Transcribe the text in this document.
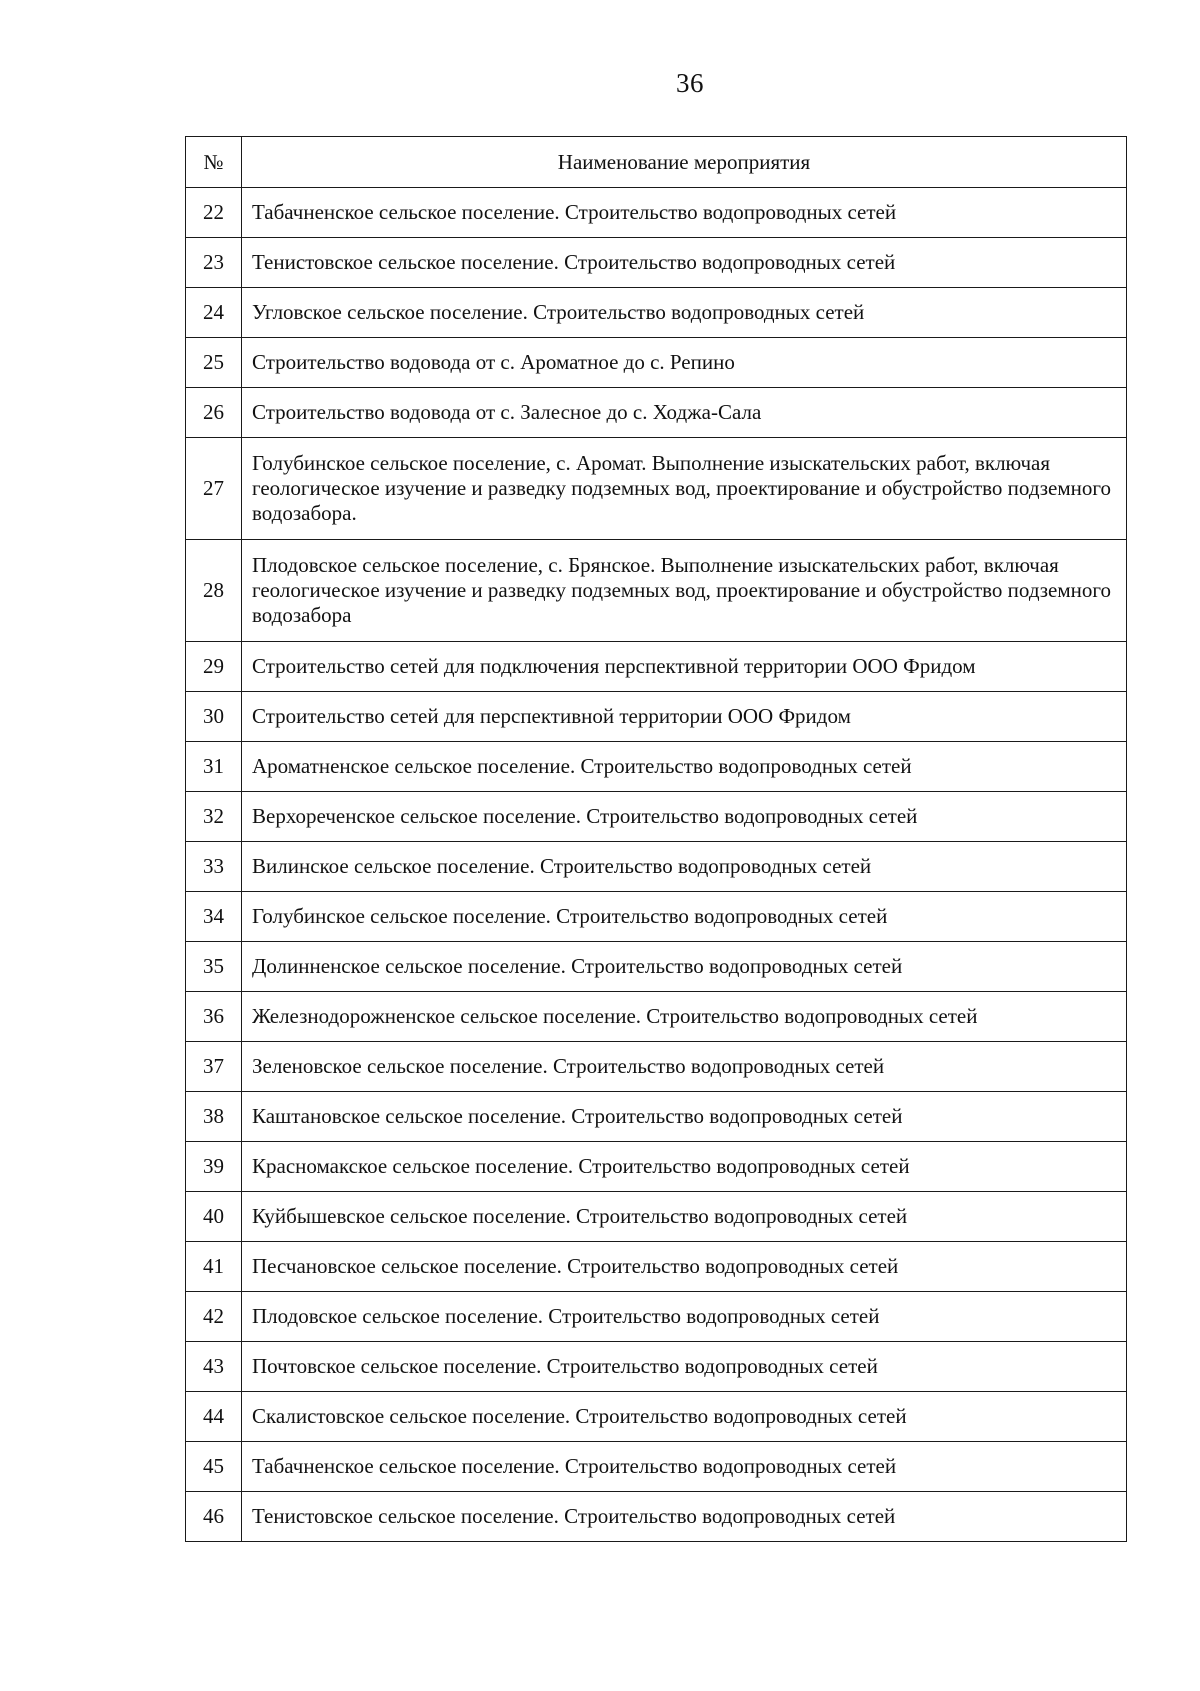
36
№	Наименование мероприятия
22	Табачненское сельское поселение. Строительство водопроводных сетей
23	Тенистовское сельское поселение. Строительство водопроводных сетей
24	Угловское сельское поселение. Строительство водопроводных сетей
25	Строительство водовода от с. Ароматное до с. Репино
26	Строительство водовода от с. Залесное до с. Ходжа-Сала
27	Голубинское сельское поселение, с. Аромат. Выполнение изыскательских работ, включая геологическое изучение и разведку подземных вод, проектирование и обустройство подземного водозабора.
28	Плодовское сельское поселение, с. Брянское. Выполнение изыскательских работ, включая геологическое изучение и разведку подземных вод, проектирование и обустройство подземного водозабора
29	Строительство сетей для подключения перспективной территории ООО Фридом
30	Строительство сетей для перспективной территории ООО Фридом
31	Ароматненское сельское поселение. Строительство водопроводных сетей
32	Верхореченское сельское поселение. Строительство водопроводных сетей
33	Вилинское сельское поселение. Строительство водопроводных сетей
34	Голубинское сельское поселение. Строительство водопроводных сетей
35	Долинненское сельское поселение. Строительство водопроводных сетей
36	Железнодорожненское сельское поселение. Строительство водопроводных сетей
37	Зеленовское сельское поселение. Строительство водопроводных сетей
38	Каштановское сельское поселение. Строительство водопроводных сетей
39	Красномакское сельское поселение. Строительство водопроводных сетей
40	Куйбышевское сельское поселение. Строительство водопроводных сетей
41	Песчановское сельское поселение. Строительство водопроводных сетей
42	Плодовское сельское поселение. Строительство водопроводных сетей
43	Почтовское сельское поселение. Строительство водопроводных сетей
44	Скалистовское сельское поселение. Строительство водопроводных сетей
45	Табачненское сельское поселение. Строительство водопроводных сетей
46	Тенистовское сельское поселение. Строительство водопроводных сетей
